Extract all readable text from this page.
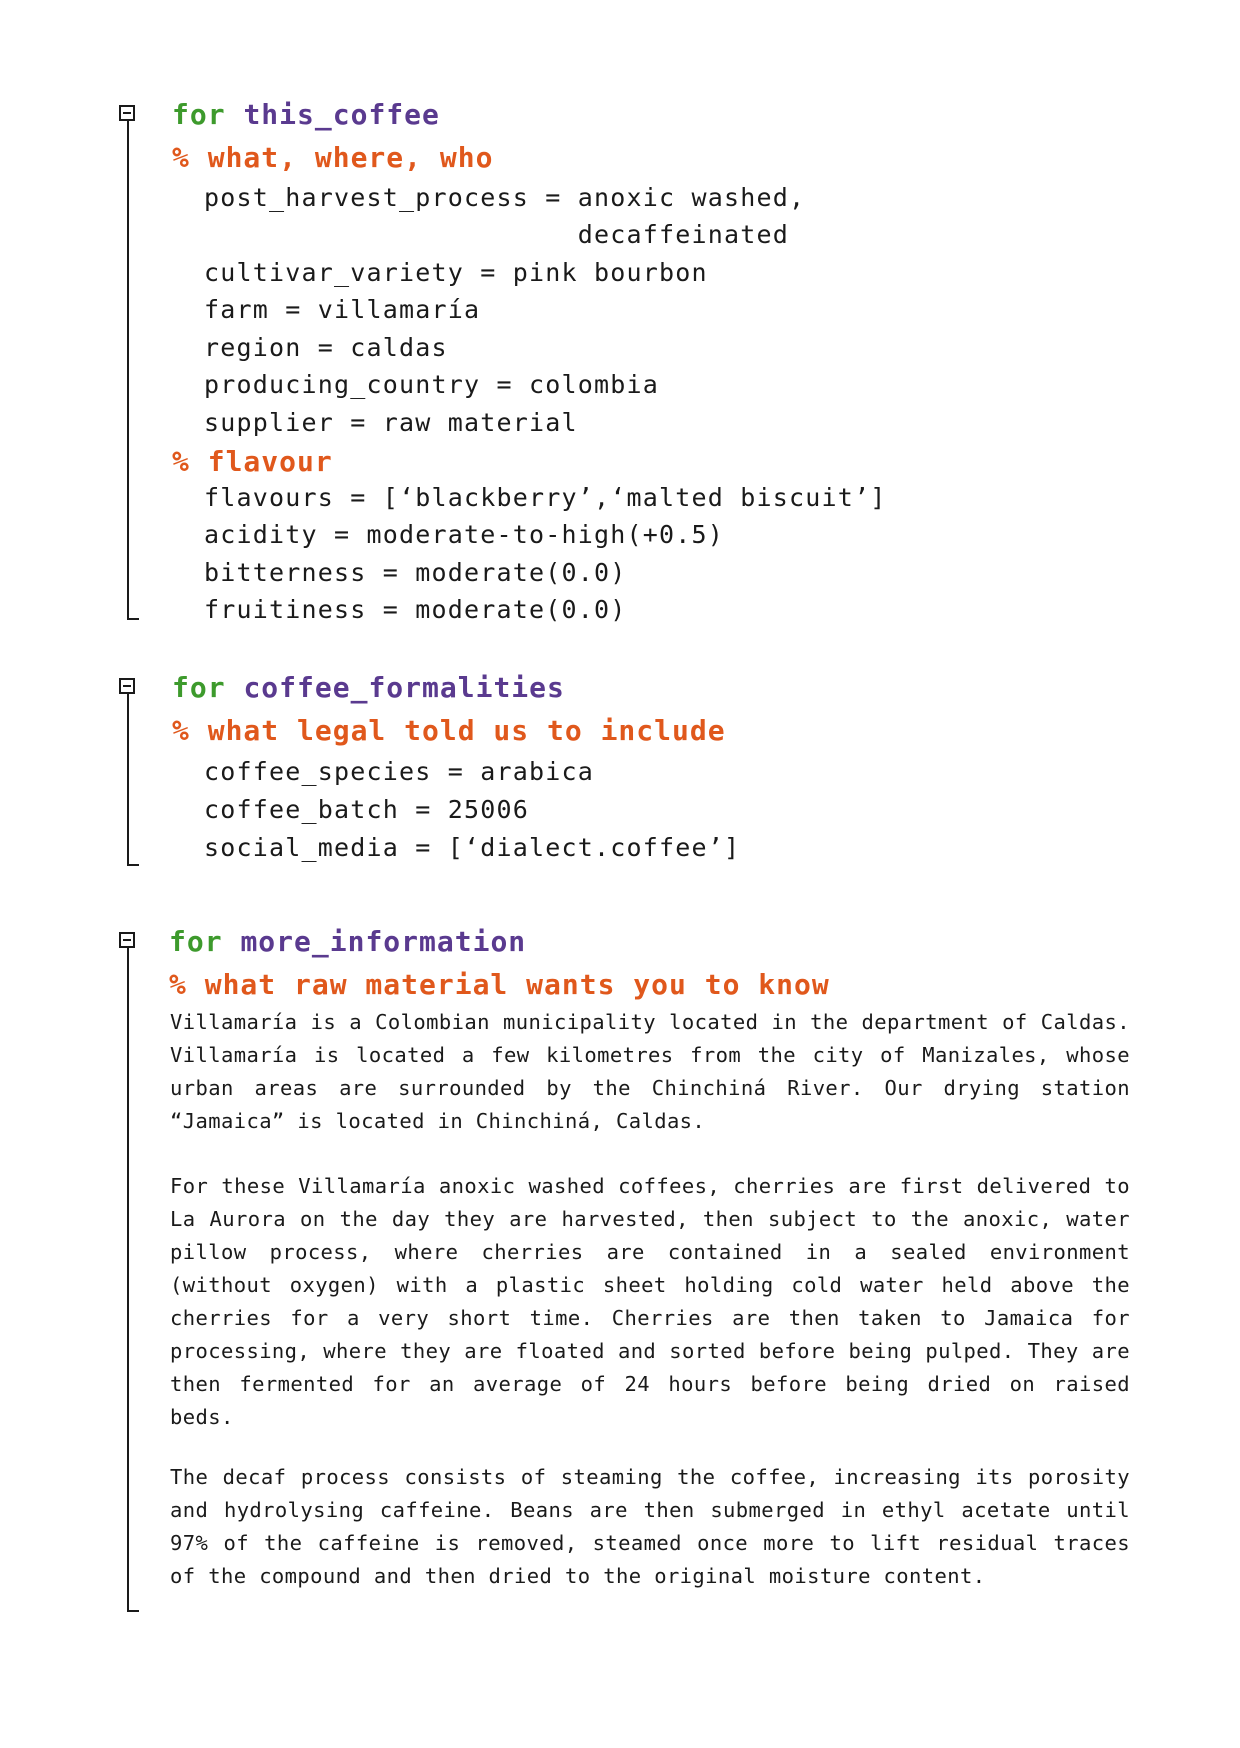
for this_coffee
% what, where, who
post_harvest_process = anoxic washed,
decaffeinated
cultivar_variety = pink bourbon
farm = villamaría
region = caldas
producing_country = colombia
supplier = raw material
% flavour
flavours = [‘blackberry’,‘malted biscuit’]
acidity = moderate-to-high(+0.5)
bitterness = moderate(0.0)
fruitiness = moderate(0.0)
for coffee_formalities
% what legal told us to include
coffee_species = arabica
coffee_batch = 25006
social_media = [‘dialect.coffee’]
for more_information
% what raw material wants you to know

Villamaría is a Colombian municipality located in the department of Caldas. Villamaría is located a few kilometres from the city of Manizales, whose urban areas are surrounded by the Chinchiná River. Our drying station “Jamaica” is located in Chinchiná, Caldas.

For these Villamaría anoxic washed coffees, cherries are first delivered to La Aurora on the day they are harvested, then subject to the anoxic, water pillow process, where cherries are contained in a sealed environment (without oxygen) with a plastic sheet holding cold water held above the cherries for a very short time. Cherries are then taken to Jamaica for processing, where they are floated and sorted before being pulped. They are then fermented for an average of 24 hours before being dried on raised beds.

The decaf process consists of steaming the coffee, increasing its porosity and hydrolysing caffeine. Beans are then submerged in ethyl acetate until 97% of the caffeine is removed, steamed once more to lift residual traces of the compound and then dried to the original moisture content.
